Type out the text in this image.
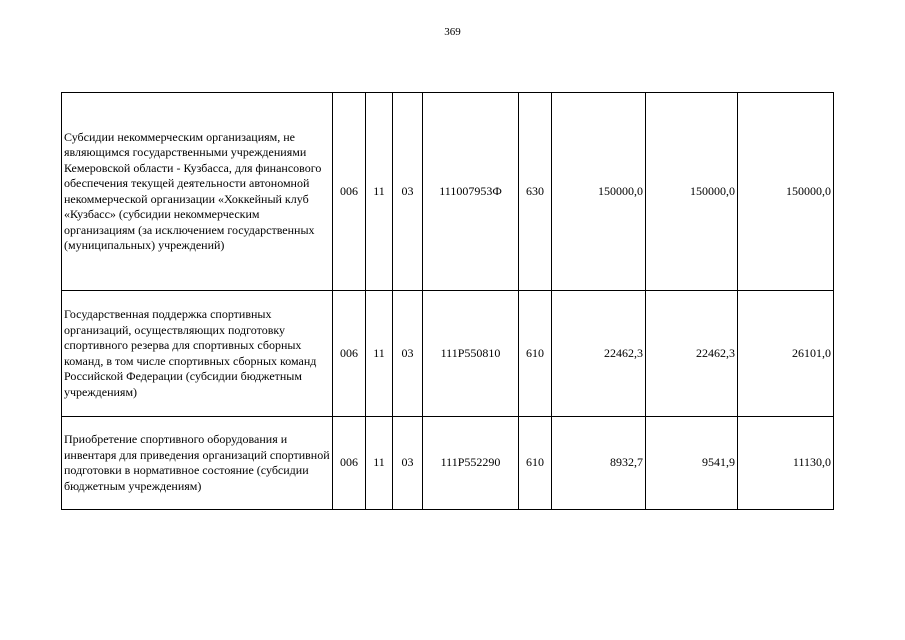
369
Субсидии некоммерческим организациям, не являющимся государственными учреждениями Кемеровской области - Кузбасса, для финансового обеспечения текущей деятельности автономной некоммерческой организации «Хоккейный клуб «Кузбасс» (субсидии некоммерческим организациям (за исключением государственных (муниципальных) учреждений)	006	11	03	111007953Ф	630	150000,0	150000,0	150000,0
Государственная поддержка спортивных организаций, осуществляющих подготовку спортивного резерва для спортивных сборных команд, в том числе спортивных сборных команд Российской Федерации (субсидии бюджетным учреждениям)	006	11	03	111P550810	610	22462,3	22462,3	26101,0
Приобретение спортивного оборудования и инвентаря для приведения организаций спортивной подготовки в нормативное состояние (субсидии бюджетным учреждениям)	006	11	03	111P552290	610	8932,7	9541,9	11130,0
